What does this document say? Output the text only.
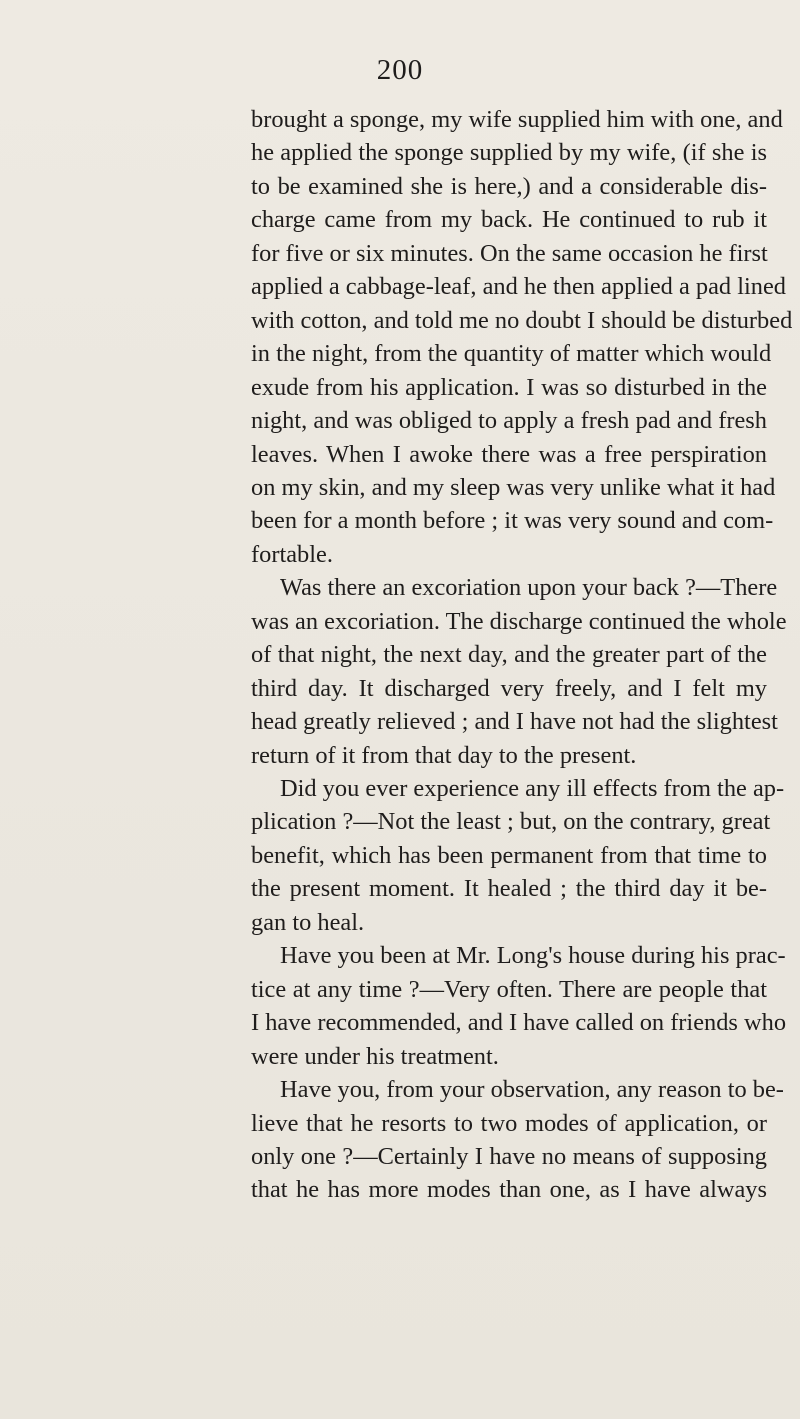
200
brought a sponge, my wife supplied him with one, and
he applied the sponge supplied by my wife, (if she is
to be examined she is here,) and a considerable dis-
charge came from my back. He continued to rub it
for five or six minutes. On the same occasion he first
applied a cabbage-leaf, and he then applied a pad lined
with cotton, and told me no doubt I should be disturbed
in the night, from the quantity of matter which would
exude from his application. I was so disturbed in the
night, and was obliged to apply a fresh pad and fresh
leaves. When I awoke there was a free perspiration
on my skin, and my sleep was very unlike what it had
been for a month before ; it was very sound and com-
fortable.
Was there an excoriation upon your back ?—There
was an excoriation. The discharge continued the whole
of that night, the next day, and the greater part of the
third day. It discharged very freely, and I felt my
head greatly relieved ; and I have not had the slightest
return of it from that day to the present.
Did you ever experience any ill effects from the ap-
plication ?—Not the least ; but, on the contrary, great
benefit, which has been permanent from that time to
the present moment. It healed ; the third day it be-
gan to heal.
Have you been at Mr. Long's house during his prac-
tice at any time ?—Very often. There are people that
I have recommended, and I have called on friends who
were under his treatment.
Have you, from your observation, any reason to be-
lieve that he resorts to two modes of application, or
only one ?—Certainly I have no means of supposing
that he has more modes than one, as I have always
